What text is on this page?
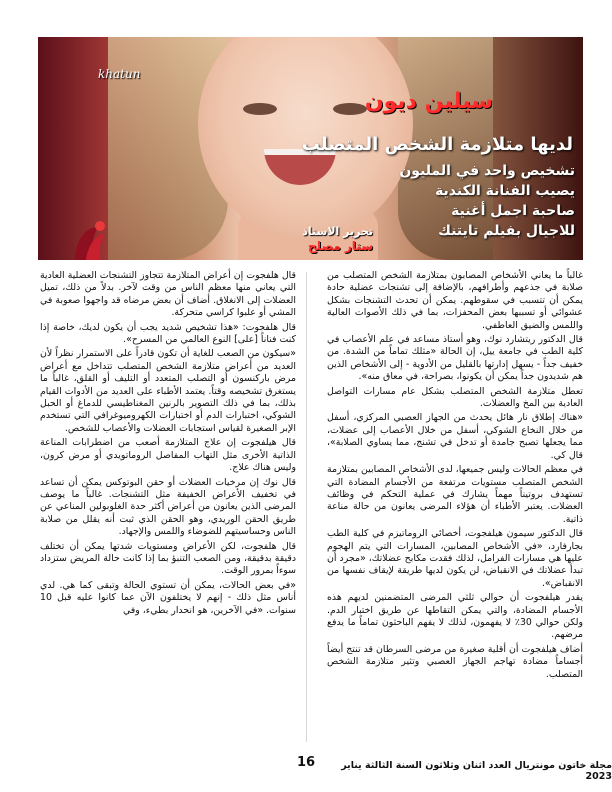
سيلين ديون
لديها متلازمة الشخص المتصلب
تشخيص واحد في المليون
يصيب الفنانة الكندية
صاحبة اجمل أغنية
للاجيال بفيلم تايتنك
تحرير الاستاذ
ستار مصلح
khatun

غالباً ما يعاني الأشخاص المصابون بمتلازمة الشخص المتصلب من صلابة في جذعهم وأطرافهم، بالإضافة إلى تشنجات عضلية حادة يمكن أن تتسبب في سقوطهم. يمكن أن تحدث التشنجات بشكل عشوائي أو تسببها بعض المحفزات، بما في ذلك الأصوات العالية واللمس والضيق العاطفي.

قال الدكتور ريتشارد نوك، وهو أستاذ مساعد في علم الأعصاب في كلية الطب في جامعة ييل، إن الحالة «مثلك تماماً من الشدة. من خفيف جداً - يسهل إدارتها بالقليل من الأدوية - إلى الأشخاص الذين هم شديدون جداً يمكن أن يكونوا، بصراحة، في معاق منه».

تعطل متلازمة الشخص المتصلب بشكل عام مسارات التواصل العادية بين المخ والعضلات.

«هناك إطلاق نار هائل يحدث من الجهاز العصبي المركزي، أسفل من خلال النخاع الشوكي، أسفل من خلال الأعصاب إلى عضلات، مما يجعلها تصبح جامدة أو تدخل في تشنج، مما يساوي الصلابة»، قال كي.

في معظم الحالات وليس جميعها، لدى الأشخاص المصابين بمتلازمة الشخص المتصلب مستويات مرتفعة من الأجسام المضادة التي تستهدف بروتيناً مهماً يشارك في عملية التحكم في وظائف العضلات. يعتبر الأطباء أن هؤلاء المرضى يعانون من حالة مناعة ذاتية.

قال الدكتور سيمون هيلفجوت، أخصائي الروماتيزم في كلية الطب بجارفارد، «في الأشخاص المصابين، المسارات التي يتم الهجوم عليها هي مسارات الفرامل، لذلك فقدت مكابح عضلاتك، «مجرد أن تبدأ عضلاتك في الانقباض، لن يكون لديها طريقة لإيقاف نفسها من الانقباض».

يقدر هيلفجوت أن حوالي ثلثي المرضى المتضمنين لديهم هذه الأجسام المضادة، والتي يمكن التقاطها عن طريق اختبار الدم. ولكن حوالي 30٪ لا يفهمون، لذلك لا يفهم الباحثون تماماً ما يدفع مرضهم.

أضاف هيلفجوت أن أقلية صغيرة من مرضى السرطان قد تنتج أيضاً أجساماً مضادة تهاجم الجهاز العصبي وتثير متلازمة الشخص المتصلب.

قال هلفجوت إن أعراض المتلازمة تتجاوز التشنجات العضلية العادية التي يعاني منها معظم الناس من وقت لآخر. بدلاً من ذلك، تميل العضلات إلى الانغلاق. أضاف أن بعض مرضاه قد واجهوا صعوبة في المشي أو علبوا كراسي متحركة.

قال هلفجوت: «هذا تشخيص شديد يجب أن يكون لديك، خاصة إذا كنت فناناً [على] النوع العالمي من المسرح».

«سيكون من الصعب للغاية أن تكون قادراً على الاستمرار نظراً لأن العديد من أعراض متلازمة الشخص المتصلب تتداخل مع أعراض مرض باركنسون أو التصلب المتعدد أو التليف أو القلق، غالباً ما يستغرق تشخيصه وقتاً. يعتمد الأطباء على العديد من الأدوات القيام بذلك، بما في ذلك التصوير بالرنين المغناطيسي للدماغ أو الحبل الشوكي، اختبارات الدم أو اختبارات الكهروميوغرافي التي تستخدم الإبر الصغيرة لقياس استجابات العضلات والأعصاب للشخص.

قال هيلفجوت إن علاج المتلازمة أصعب من اضطرابات المناعة الذاتية الأخرى مثل التهاب المفاصل الروماتويدي أو مرض كرون، وليس هناك علاج.

قال نوك إن مرخيات العضلات أو حقن البوتوكس يمكن أن تساعد في تخفيف الأعراض الخفيفة مثل التشنجات. غالباً ما يوصف المرضى الذين يعانون من أعراض أكثر حدة الغلوبولين المناعي عن طريق الحقن الوريدي، وهو الحقن الذي ثبت أنه يقلل من صلابة الناس وحساسيتهم للضوضاء واللمس والإجهاد.

قال هلفجوت، لكن الأعراض ومستويات شدتها يمكن أن تختلف دقيقة بدقيقة، ومن الصعب التنبؤ بما إذا كانت حالة المريض ستزداد سوءاً بمرور الوقت.

«في بعض الحالات، يمكن أن تستوي الحالة وتبقى كما هي. لدي أناس مثل ذلك - إنهم لا يختلفون الآن عما كانوا عليه قبل 10 سنوات. «في الآخرين، هو انحدار بطيء، وفي

16	مجلة خاتون مونتريال العدد اثنان وثلاثون السنة الثالثة يناير 2023
